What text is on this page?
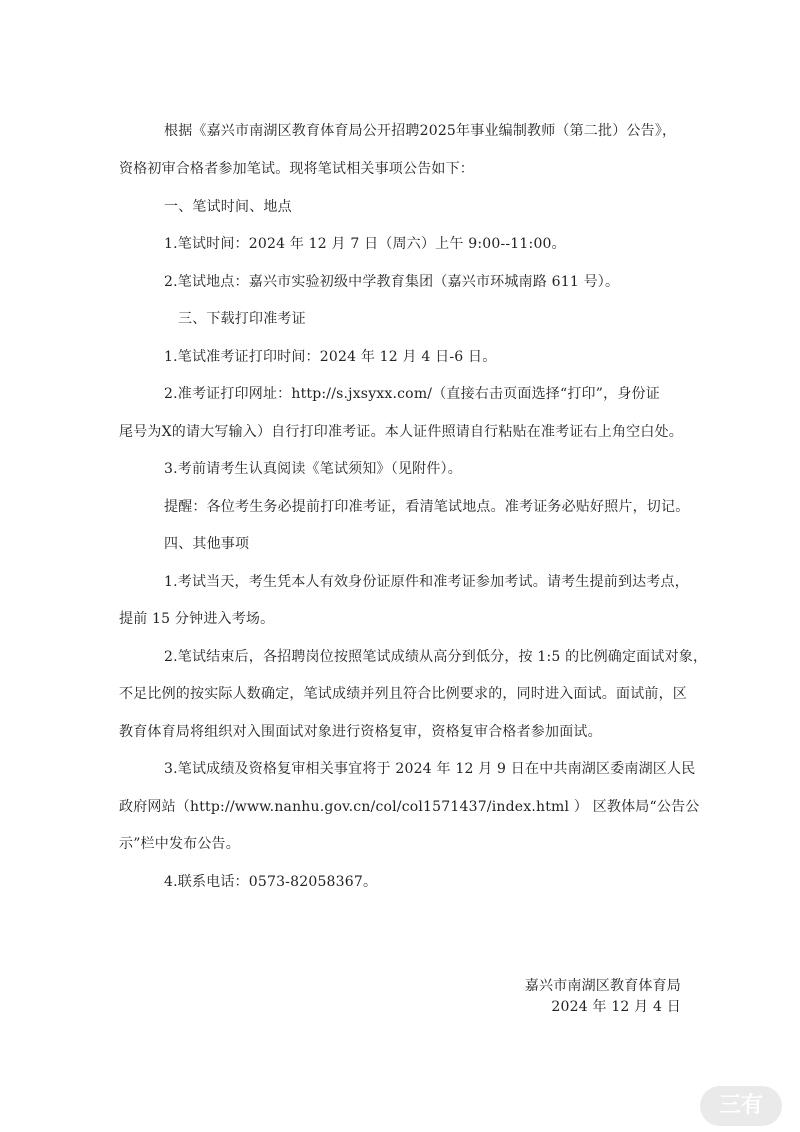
根据《嘉兴市南湖区教育体育局公开招聘2025年事业编制教师（第二批）公告》，
资格初审合格者参加笔试。现将笔试相关事项公告如下：
一、笔试时间、地点
1.笔试时间：2024 年 12 月 7 日（周六）上午 9:00--11:00。
2.笔试地点：嘉兴市实验初级中学教育集团（嘉兴市环城南路 611 号）。
三、下载打印准考证
1.笔试准考证打印时间：2024 年 12 月 4 日-6 日。
2.准考证打印网址：http://s.jxsyxx.com/（直接右击页面选择“打印”，身份证
尾号为X的请大写输入）自行打印准考证。本人证件照请自行粘贴在准考证右上角空白处。
3.考前请考生认真阅读《笔试须知》（见附件）。
提醒：各位考生务必提前打印准考证，看清笔试地点。准考证务必贴好照片，切记。
四、其他事项
1.考试当天，考生凭本人有效身份证原件和准考证参加考试。请考生提前到达考点，
提前 15 分钟进入考场。
2.笔试结束后，各招聘岗位按照笔试成绩从高分到低分，按 1:5 的比例确定面试对象，
不足比例的按实际人数确定，笔试成绩并列且符合比例要求的，同时进入面试。面试前，区
教育体育局将组织对入围面试对象进行资格复审，资格复审合格者参加面试。
3.笔试成绩及资格复审相关事宜将于 2024 年 12 月 9 日在中共南湖区委南湖区人民
政府网站（http://www.nanhu.gov.cn/col/col1571437/index.html ） 区教体局“公告公
示”栏中发布公告。
4.联系电话：0573-82058367。
嘉兴市南湖区教育体育局
2024 年 12 月 4 日
三有
